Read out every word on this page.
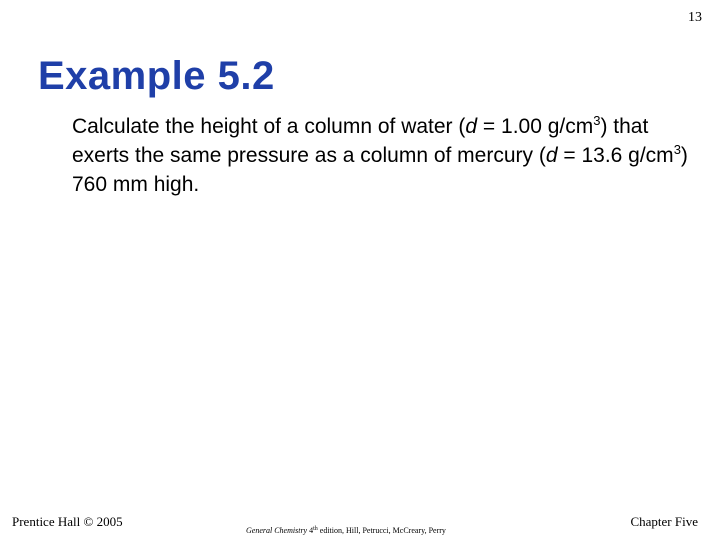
13
Example 5.2

Calculate the height of a column of water (d = 1.00 $g/cm^3$) that exerts the same pressure as a column of mercury (d = 13.6 $g/cm^3$) 760 mm high.

Prentice Hall © 2005
General Chemistry 4th edition, Hill, Petrucci, McCreary, Perry
Chapter Five
